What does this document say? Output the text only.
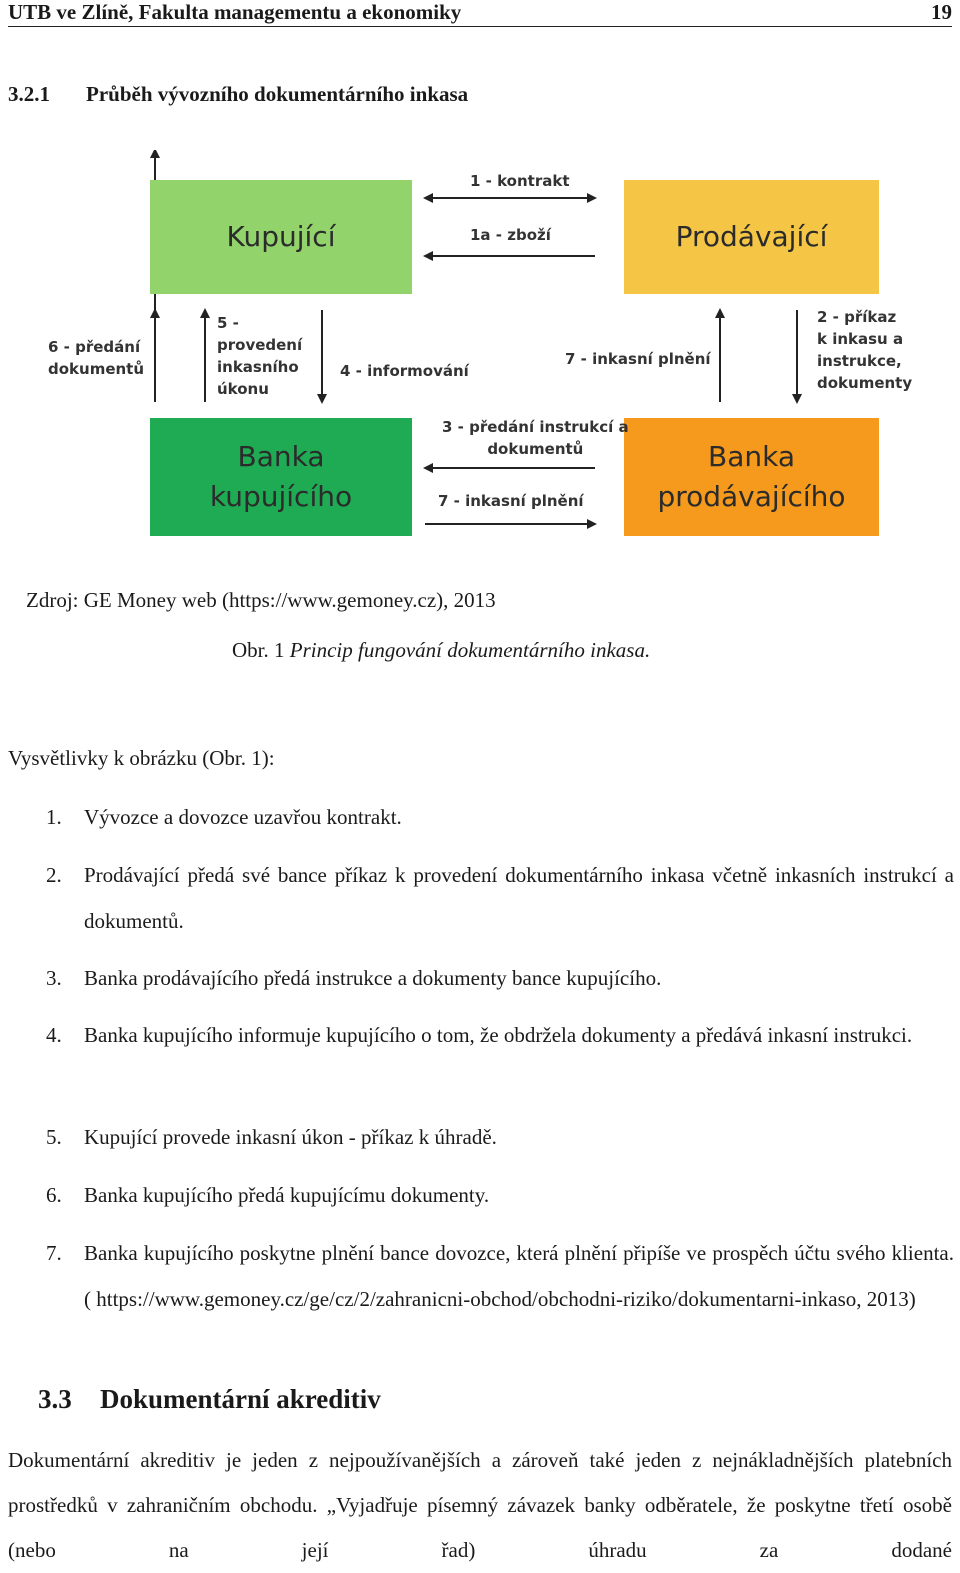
UTB ve Zlíně, Fakulta managementu a ekonomiky	19
3.2.1 Průběh vývozního dokumentárního inkasa
Kupující	Prodávající
Banka
kupujícího
Banka
prodávajícího
1 - kontrakt
1a - zboží
6 - předání
dokumentů
5 -
provedení
inkasního
úkonu
4 - informování
7 - inkasní plnění
2 - příkaz
k inkasu a
instrukce,
dokumenty
3 - předání instrukcí a
dokumentů
7 - inkasní plnění
Zdroj: GE Money web (https://www.gemoney.cz), 2013
Obr. 1 Princip fungování dokumentárního inkasa.
Vysvětlivky k obrázku (Obr. 1):
1. Vývozce a dovozce uzavřou kontrakt.
2. Prodávající předá své bance příkaz k provedení dokumentárního inkasa včetně inkasních instrukcí a dokumentů.
3. Banka prodávajícího předá instrukce a dokumenty bance kupujícího.
4. Banka kupujícího informuje kupujícího o tom, že obdržela dokumenty a předává inkasní instrukci.
5. Kupující provede inkasní úkon - příkaz k úhradě.
6. Banka kupujícího předá kupujícímu dokumenty.
7. Banka kupujícího poskytne plnění bance dovozce, která plnění připíše ve prospěch účtu svého klienta. ( https://www.gemoney.cz/ge/cz/2/zahranicni-obchod/obchodni-riziko/dokumentarni-inkaso, 2013)
3.3 Dokumentární akreditiv
Dokumentární akreditiv je jeden z nejpoužívanějších a zároveň také jeden z nejnákladnějších platebních prostředků v zahraničním obchodu. „Vyjadřuje písemný závazek banky odběratele, že poskytne třetí osobě (nebo na její řad) úhradu za dodané
